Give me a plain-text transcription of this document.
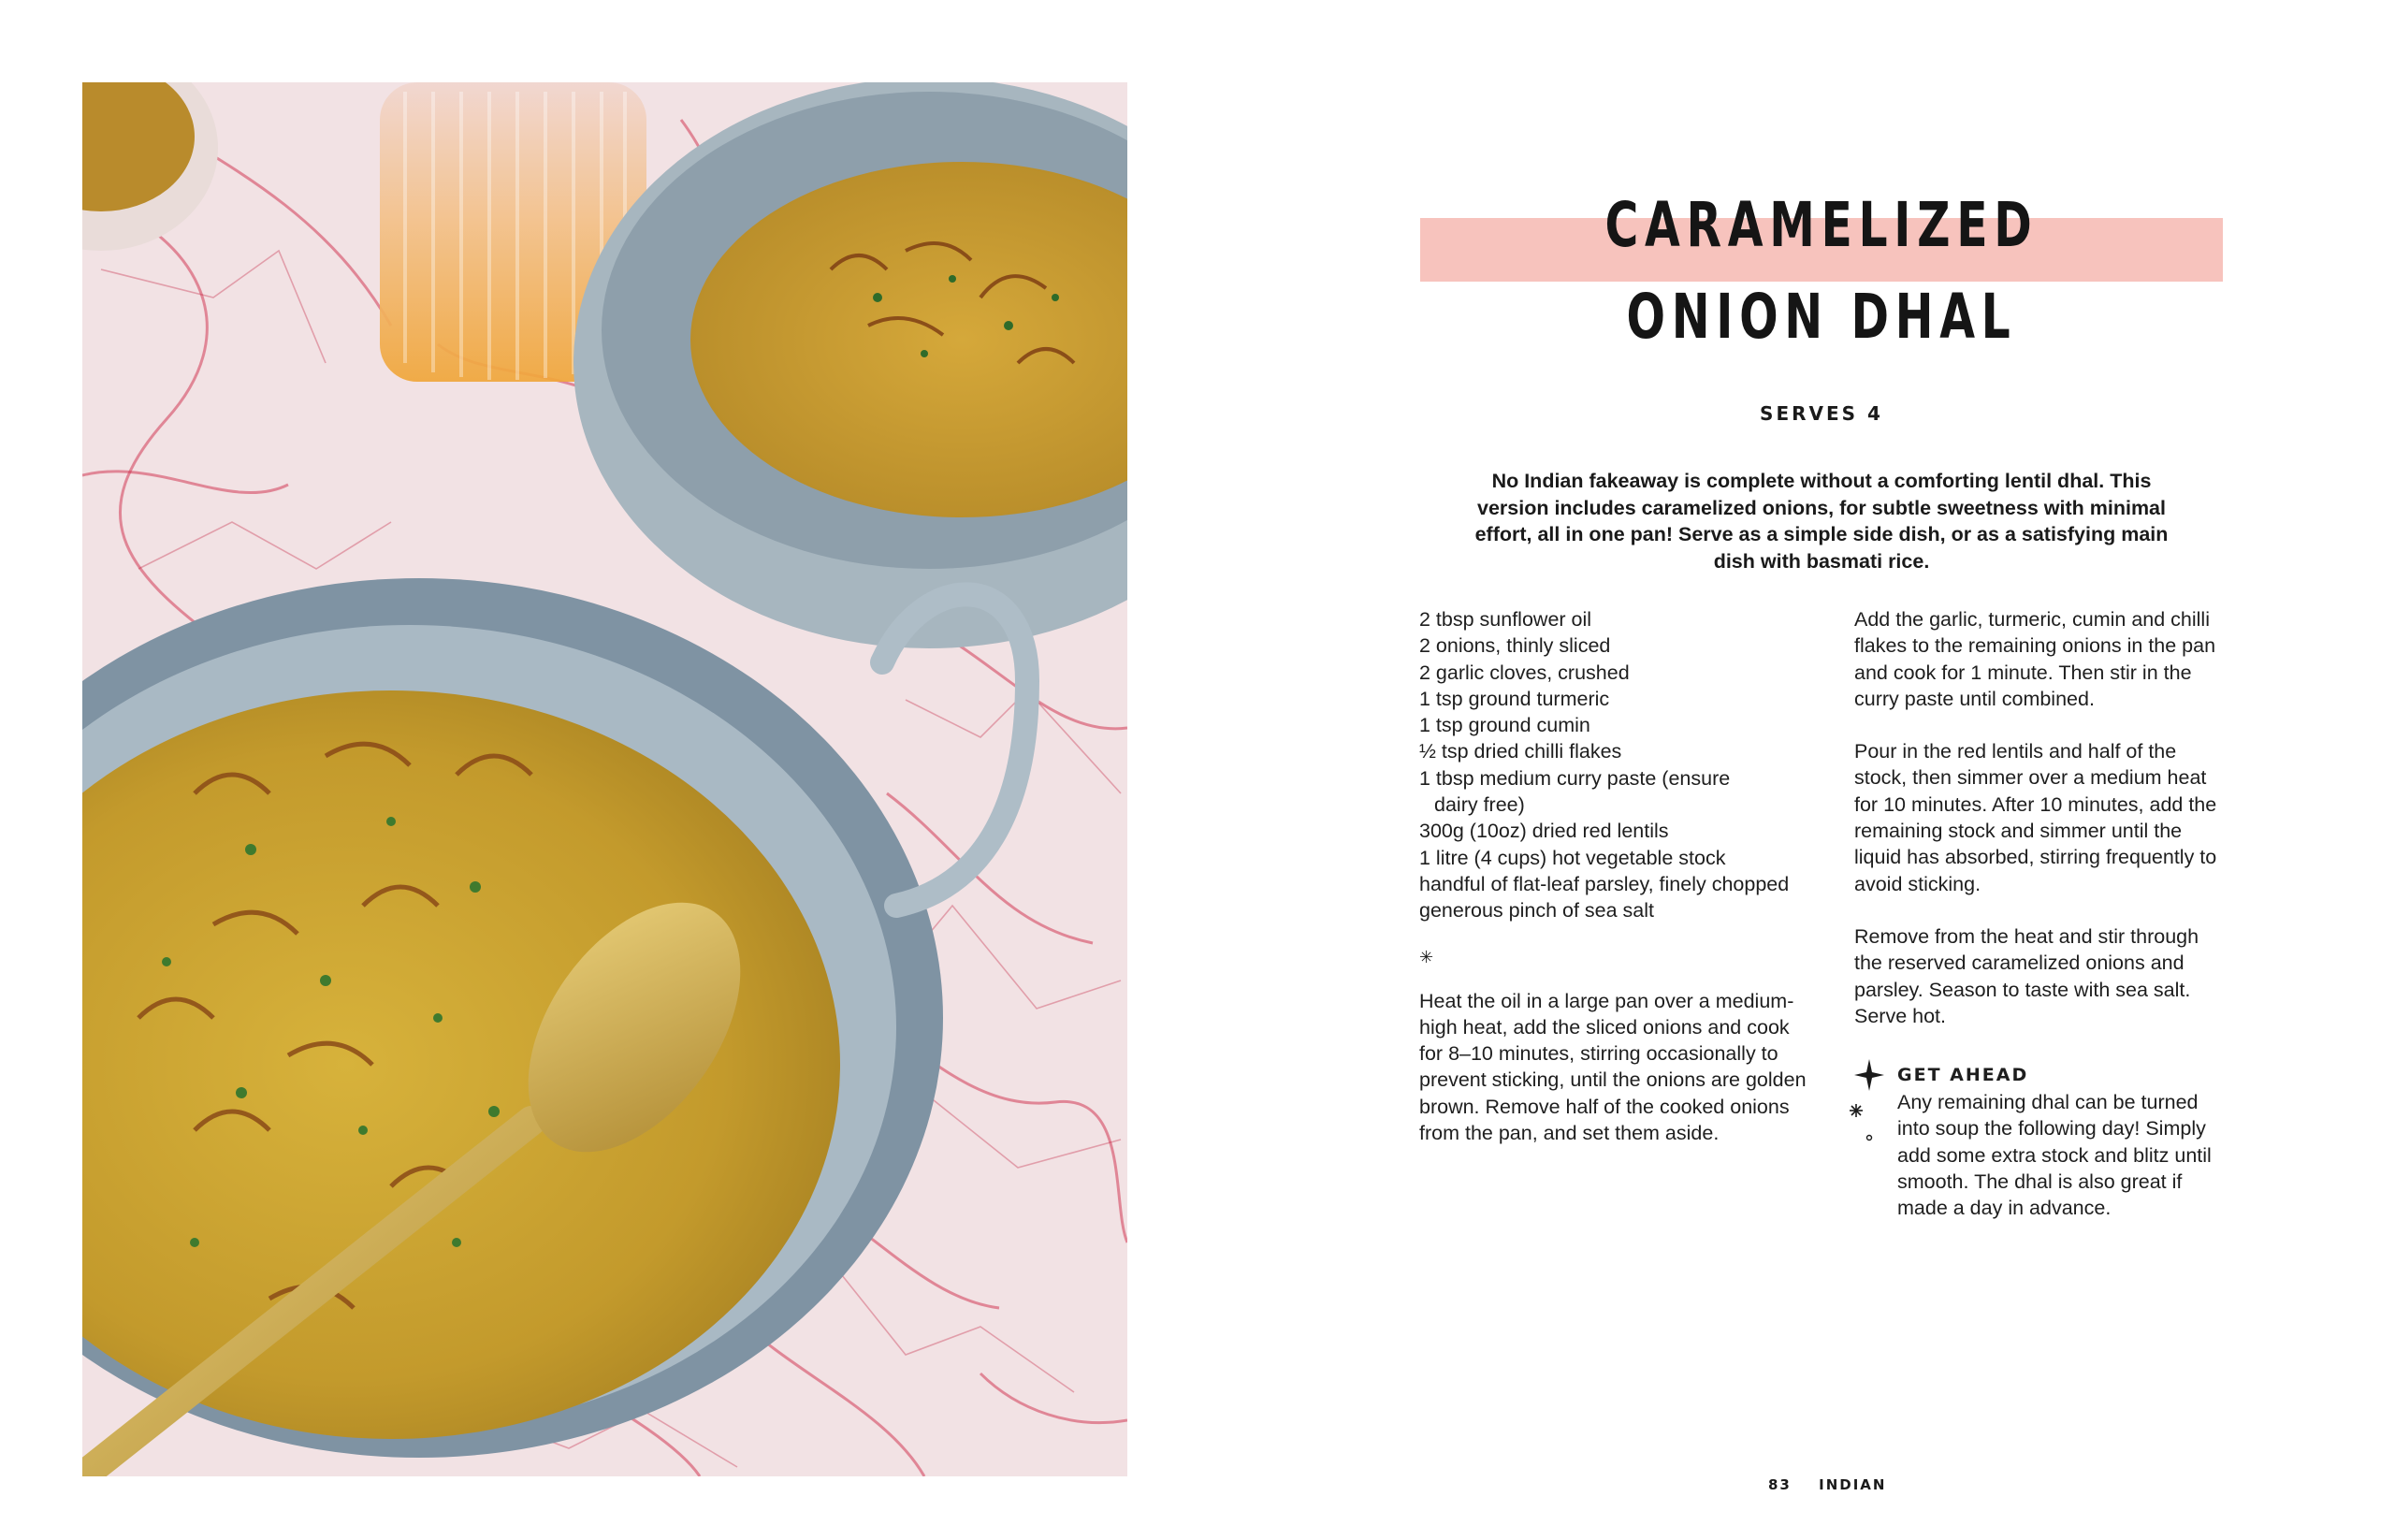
CARAMELIZED
ONION DHAL
SERVES 4

No Indian fakeaway is complete without a comforting lentil dhal. This version includes caramelized onions, for subtle sweetness with minimal effort, all in one pan! Serve as a simple side dish, or as a satisfying main dish with basmati rice.

2 tbsp sunflower oil
2 onions, thinly sliced
2 garlic cloves, crushed
1 tsp ground turmeric
1 tsp ground cumin
½ tsp dried chilli flakes
1 tbsp medium curry paste (ensure
dairy free)
300g (10oz) dried red lentils
1 litre (4 cups) hot vegetable stock
handful of flat-leaf parsley, finely chopped
generous pinch of sea salt
✳

Heat the oil in a large pan over a medium-high heat, add the sliced onions and cook for 8–10 minutes, stirring occasionally to prevent sticking, until the onions are golden brown. Remove half of the cooked onions from the pan, and set them aside.

Add the garlic, turmeric, cumin and chilli flakes to the remaining onions in the pan and cook for 1 minute. Then stir in the curry paste until combined.

Pour in the red lentils and half of the stock, then simmer over a medium heat for 10 minutes. After 10 minutes, add the remaining stock and simmer until the liquid has absorbed, stirring frequently to avoid sticking.

Remove from the heat and stir through the reserved caramelized onions and parsley. Season to taste with sea salt. Serve hot.

GET AHEAD
Any remaining dhal can be turned into soup the following day! Simply add some extra stock and blitz until smooth. The dhal is also great if made a day in advance.
83 INDIAN
